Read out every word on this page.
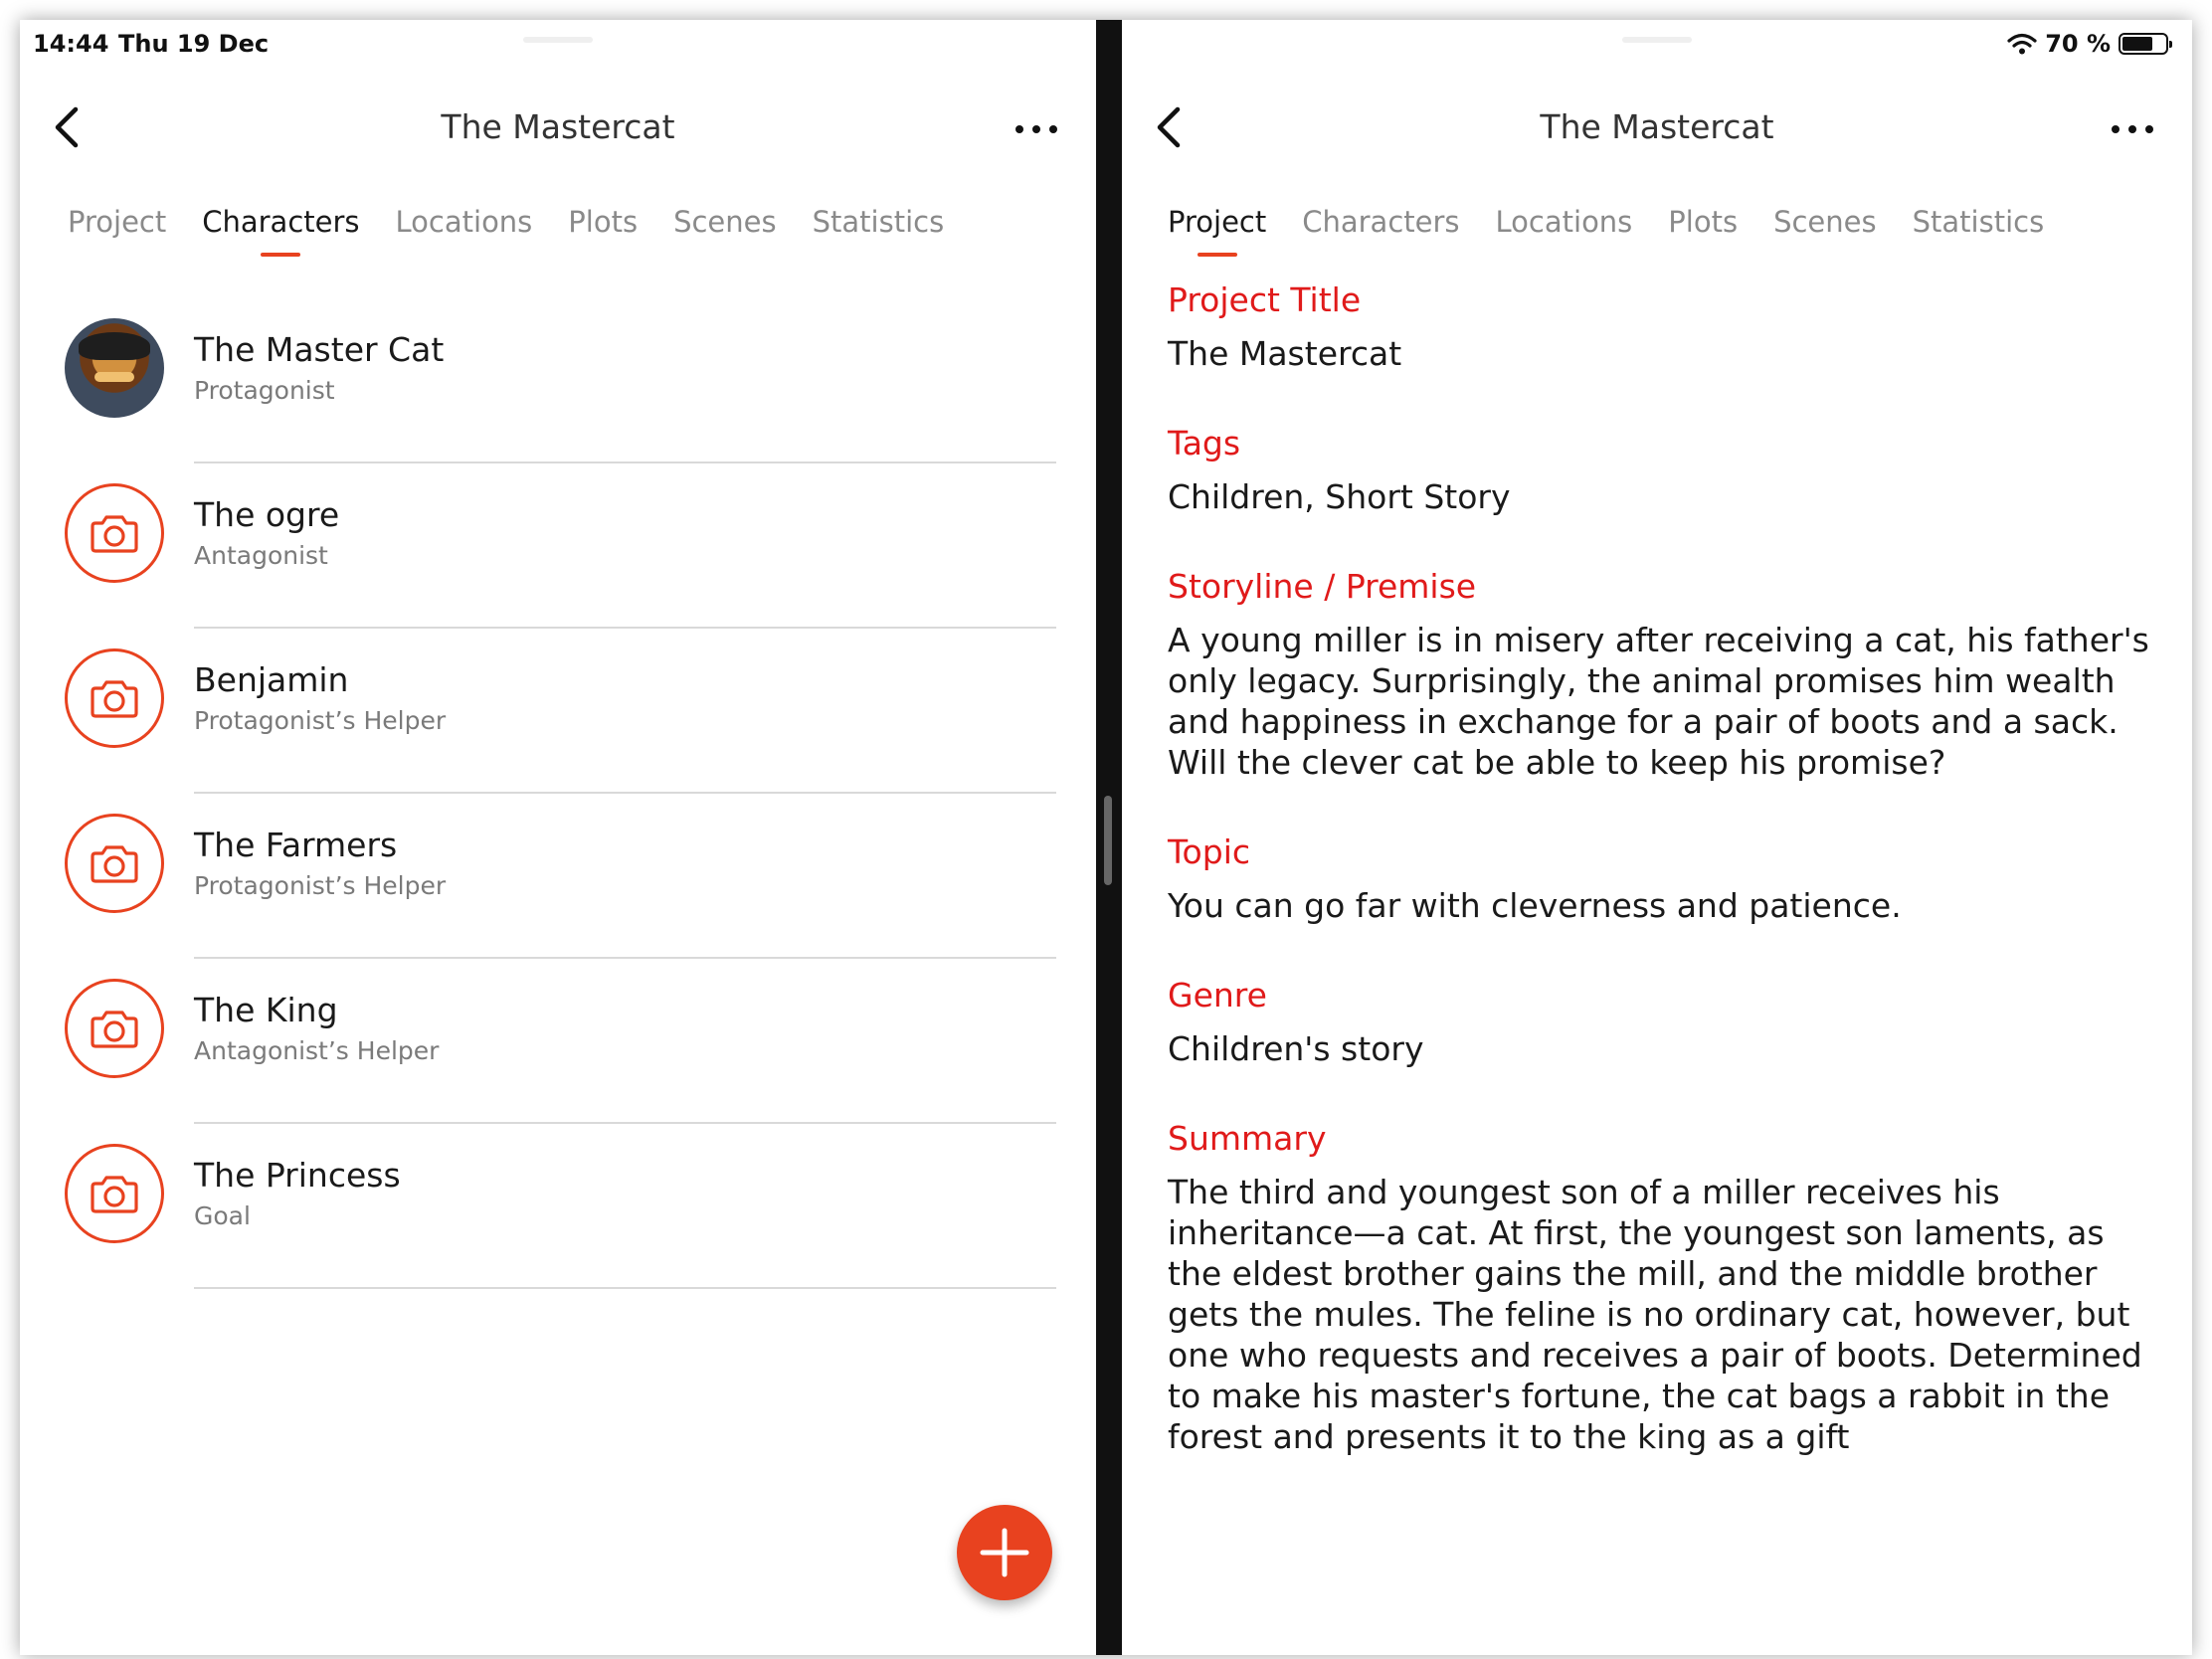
14:44 Thu 19 Dec
The Mastercat
Project Characters Locations Plots Scenes Statistics
The Master Cat
Protagonist
The ogre
Antagonist
Benjamin
Protagonist’s Helper
The Farmers
Protagonist’s Helper
The King
Antagonist’s Helper
The Princess
Goal
70 %
The Mastercat
Project Characters Locations Plots Scenes Statistics
Project Title
The Mastercat
Tags
Children, Short Story
Storyline / Premise
A young miller is in misery after receiving a cat, his father's only legacy. Surprisingly, the animal promises him wealth and happiness in exchange for a pair of boots and a sack. Will the clever cat be able to keep his promise?
Topic
You can go far with cleverness and patience.
Genre
Children's story
Summary
The third and youngest son of a miller receives his inheritance—a cat. At first, the youngest son laments, as the eldest brother gains the mill, and the middle brother gets the mules. The feline is no ordinary cat, however, but one who requests and receives a pair of boots. Determined to make his master's fortune, the cat bags a rabbit in the forest and presents it to the king as a gift
